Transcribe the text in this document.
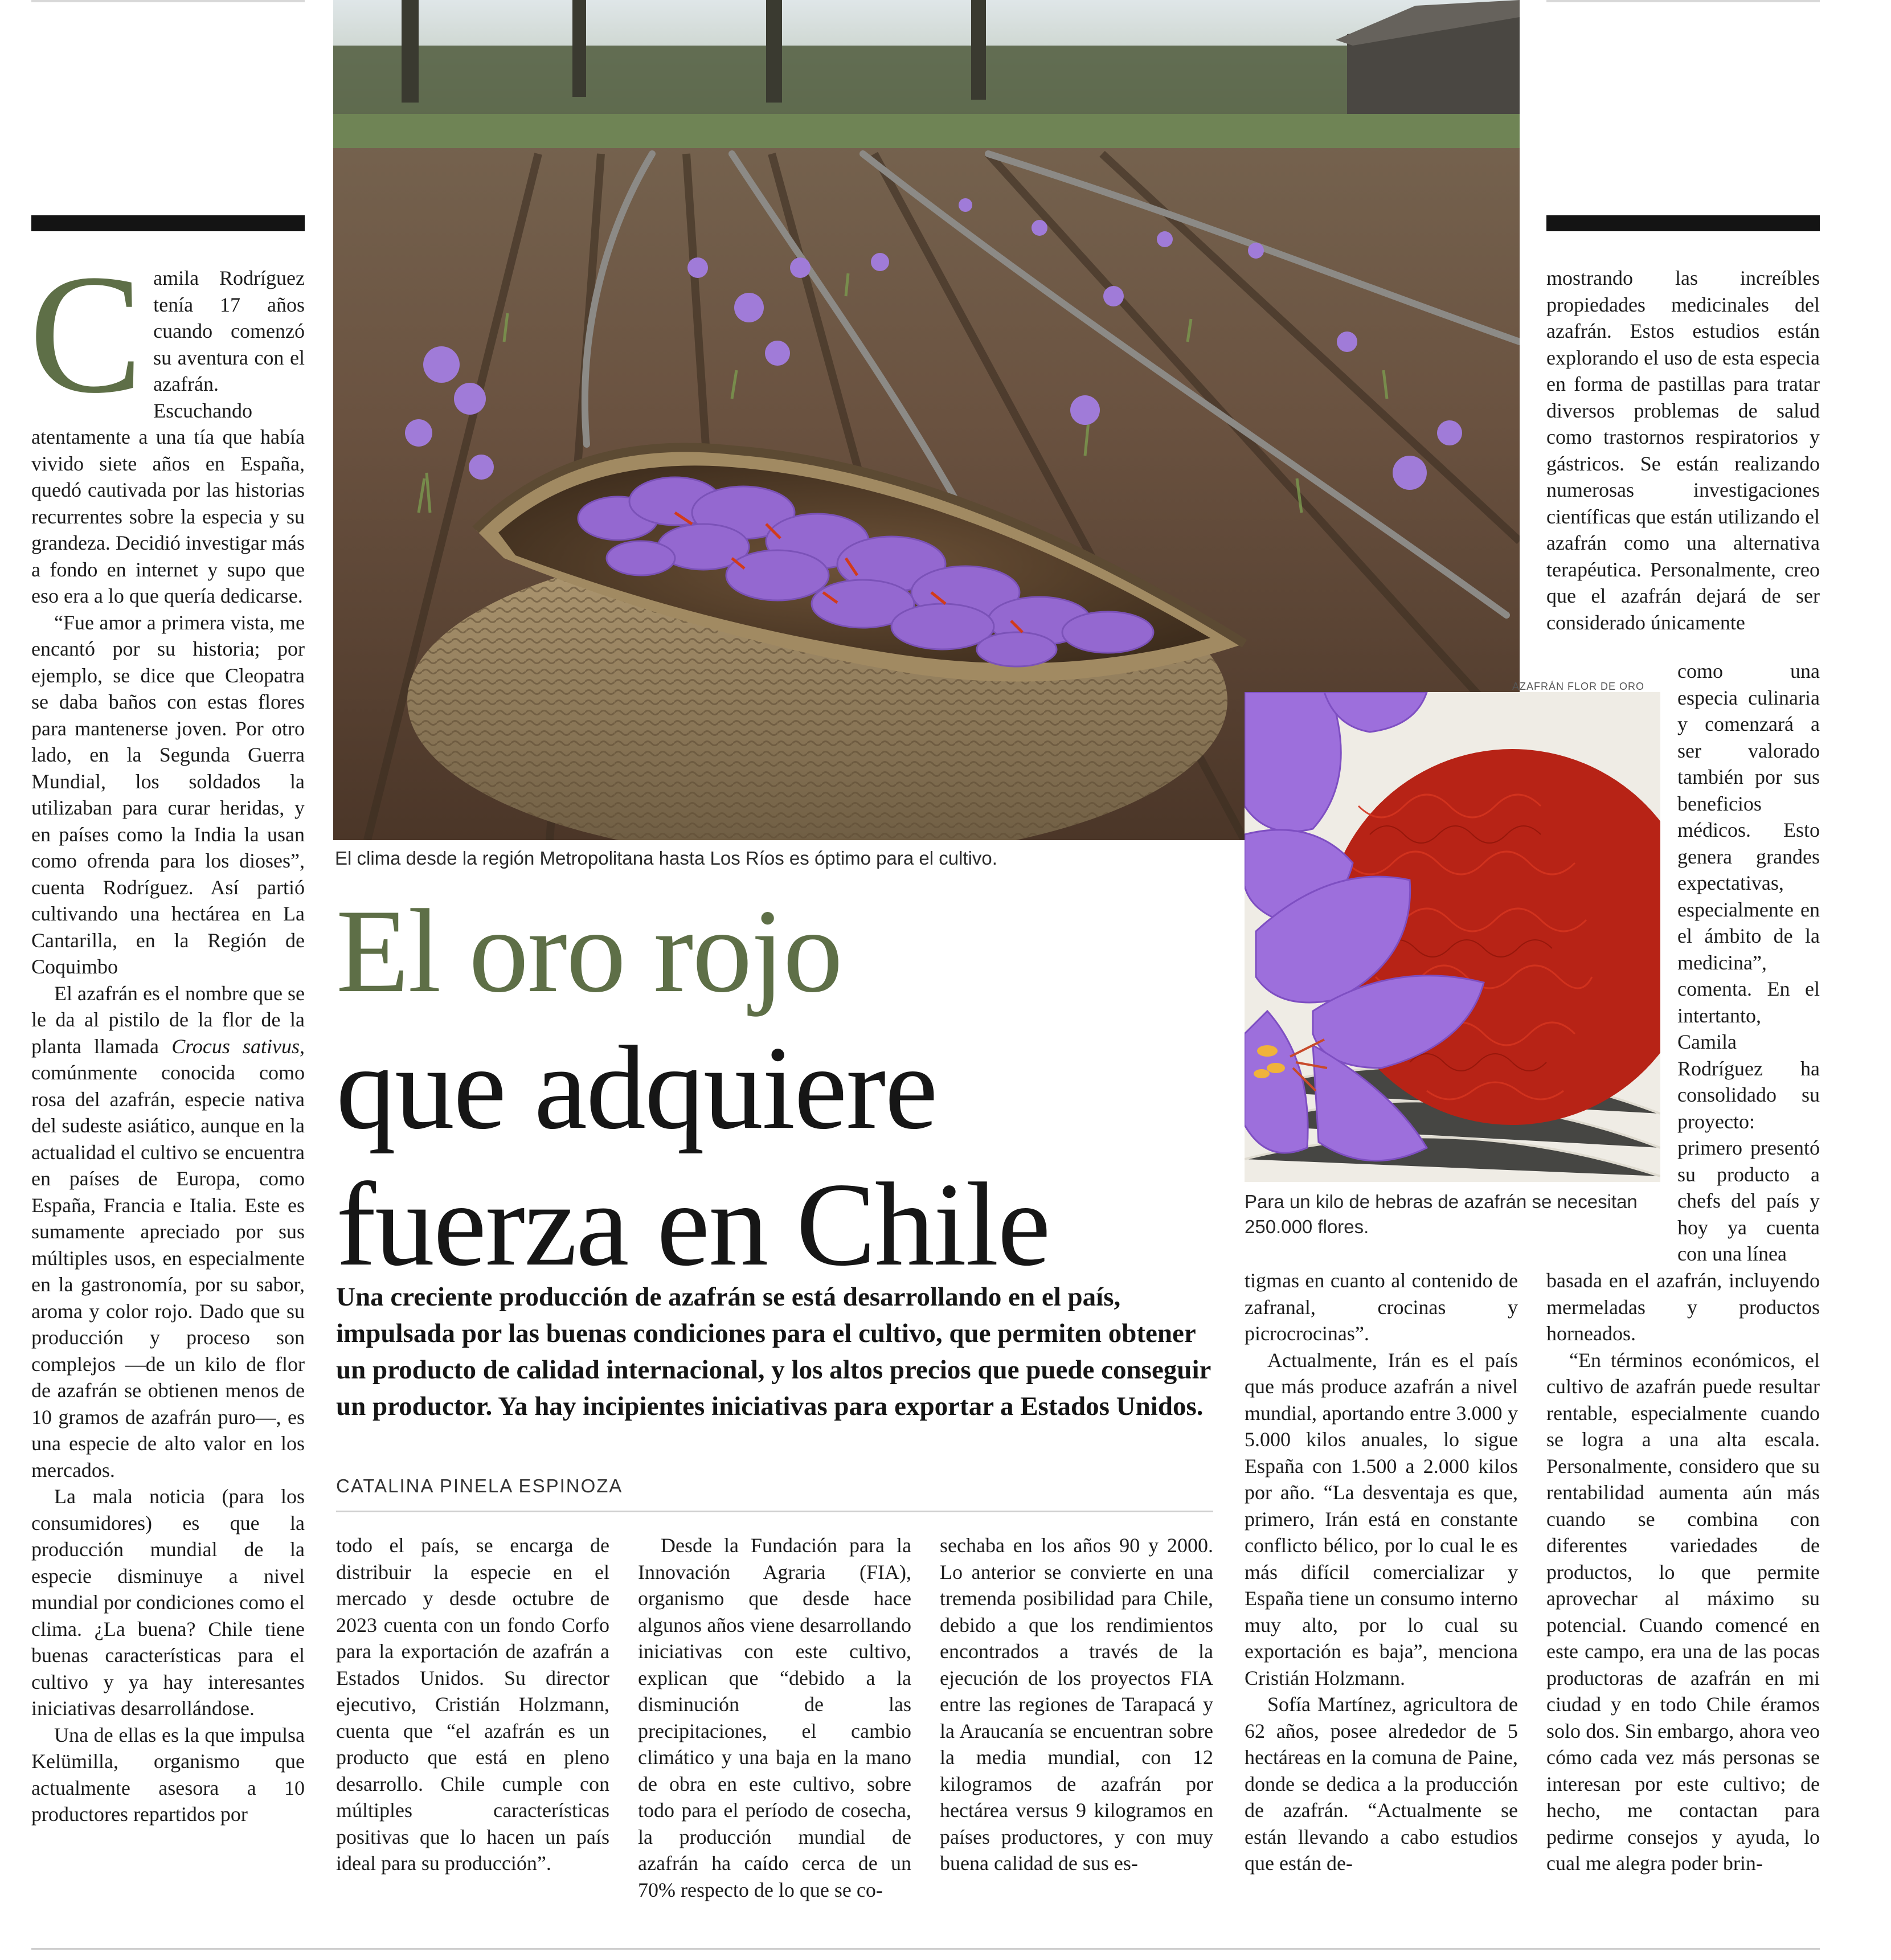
El clima desde la región Metropolitana hasta Los Ríos es óptimo para el cultivo.
AZAFRÁN FLOR DE ORO
Para un kilo de hebras de azafrán se necesitan 250.000 flores.
El oro rojo
que adquiere
fuerza en Chile

Una creciente producción de azafrán se está desarrollando en el país, impulsada por las buenas condiciones para el cultivo, que permiten obtener un producto de calidad internacional, y los altos precios que puede conseguir un productor. Ya hay incipientes iniciativas para exportar a Estados Unidos.

CATALINA PINELA ESPINOZA

Camila Rodríguez tenía 17 años cuando comenzó su aventura con el azafrán. Escuchando atentamente a una tía que había vivido siete años en España, quedó cautivada por las historias recurrentes sobre la especia y su grandeza. Decidió investigar más a fondo en internet y supo que eso era a lo que quería dedicarse.

“Fue amor a primera vista, me encantó por su historia; por ejemplo, se dice que Cleopatra se daba baños con estas flores para mantenerse joven. Por otro lado, en la Segunda Guerra Mundial, los soldados la utilizaban para curar heridas, y en países como la India la usan como ofrenda para los dioses”, cuenta Rodríguez. Así partió cultivando una hectárea en La Cantarilla, en la Región de Coquimbo

El azafrán es el nombre que se le da al pistilo de la flor de la planta llamada Crocus sativus, comúnmente conocida como rosa del azafrán, especie nativa del sudeste asiático, aunque en la actualidad el cultivo se encuentra en países de Europa, como España, Francia e Italia. Este es sumamente apreciado por sus múltiples usos, en especialmente en la gastronomía, por su sabor, aroma y color rojo. Dado que su producción y proceso son complejos —de un kilo de flor de azafrán se obtienen menos de 10 gramos de azafrán puro—, es una especie de alto valor en los mercados.

La mala noticia (para los consumidores) es que la producción mundial de la especie disminuye a nivel mundial por condiciones como el clima. ¿La buena? Chile tiene buenas características para el cultivo y ya hay interesantes iniciativas desarrollándose.

Una de ellas es la que impulsa Kelümilla, organismo que actualmente asesora a 10 productores repartidos por

todo el país, se encarga de distribuir la especie en el mercado y desde octubre de 2023 cuenta con un fondo Corfo para la exportación de azafrán a Estados Unidos. Su director ejecutivo, Cristián Holzmann, cuenta que “el azafrán es un producto que está en pleno desarrollo. Chile cumple con múltiples características positivas que lo hacen un país ideal para su producción”.

Desde la Fundación para la Innovación Agraria (FIA), organismo que desde hace algunos años viene desarrollando iniciativas con este cultivo, explican que “debido a la disminución de las precipitaciones, el cambio climático y una baja en la mano de obra en este cultivo, sobre todo para el período de cosecha, la producción mundial de azafrán ha caído cerca de un 70% respecto de lo que se co-

sechaba en los años 90 y 2000. Lo anterior se convierte en una tremenda posibilidad para Chile, debido a que los rendimientos encontrados a través de la ejecución de los proyectos FIA entre las regiones de Tarapacá y la Araucanía se encuentran sobre la media mundial, con 12 kilogramos de azafrán por hectárea versus 9 kilogramos en países productores, y con muy buena calidad de sus es-

tigmas en cuanto al contenido de zafranal, crocinas y picrocrocinas”.

Actualmente, Irán es el país que más produce azafrán a nivel mundial, aportando entre 3.000 y 5.000 kilos anuales, lo sigue España con 1.500 a 2.000 kilos por año. “La desventaja es que, primero, Irán está en constante conflicto bélico, por lo cual le es más difícil comercializar y España tiene un consumo interno muy alto, por lo cual su exportación es baja”, menciona Cristián Holzmann.

Sofía Martínez, agricultora de 62 años, posee alrededor de 5 hectáreas en la comuna de Paine, donde se dedica a la producción de azafrán. “Actualmente se están llevando a cabo estudios que están de-

mostrando las increíbles propiedades medicinales del azafrán. Estos estudios están explorando el uso de esta especia en forma de pastillas para tratar diversos problemas de salud como trastornos respiratorios y gástricos. Se están realizando numerosas investigaciones científicas que están utilizando el azafrán como una alternativa terapéutica. Personalmente, creo que el azafrán dejará de ser considerado únicamente

como una especia culinaria y comenzará a ser valorado también por sus beneficios médicos. Esto genera grandes expectativas, especialmente en el ámbito de la medicina”, comenta. En el intertanto, Camila Rodríguez ha consolidado su proyecto: primero presentó su producto a chefs del país y hoy ya cuenta con una línea

basada en el azafrán, incluyendo mermeladas y productos horneados.

“En términos económicos, el cultivo de azafrán puede resultar rentable, especialmente cuando se logra a una alta escala. Personalmente, considero que su rentabilidad aumenta aún más cuando se combina con diferentes variedades de productos, lo que permite aprovechar al máximo su potencial. Cuando comencé en este campo, era una de las pocas productoras de azafrán en mi ciudad y en todo Chile éramos solo dos. Sin embargo, ahora veo cómo cada vez más personas se interesan por este cultivo; de hecho, me contactan para pedirme consejos y ayuda, lo cual me alegra poder brin-
